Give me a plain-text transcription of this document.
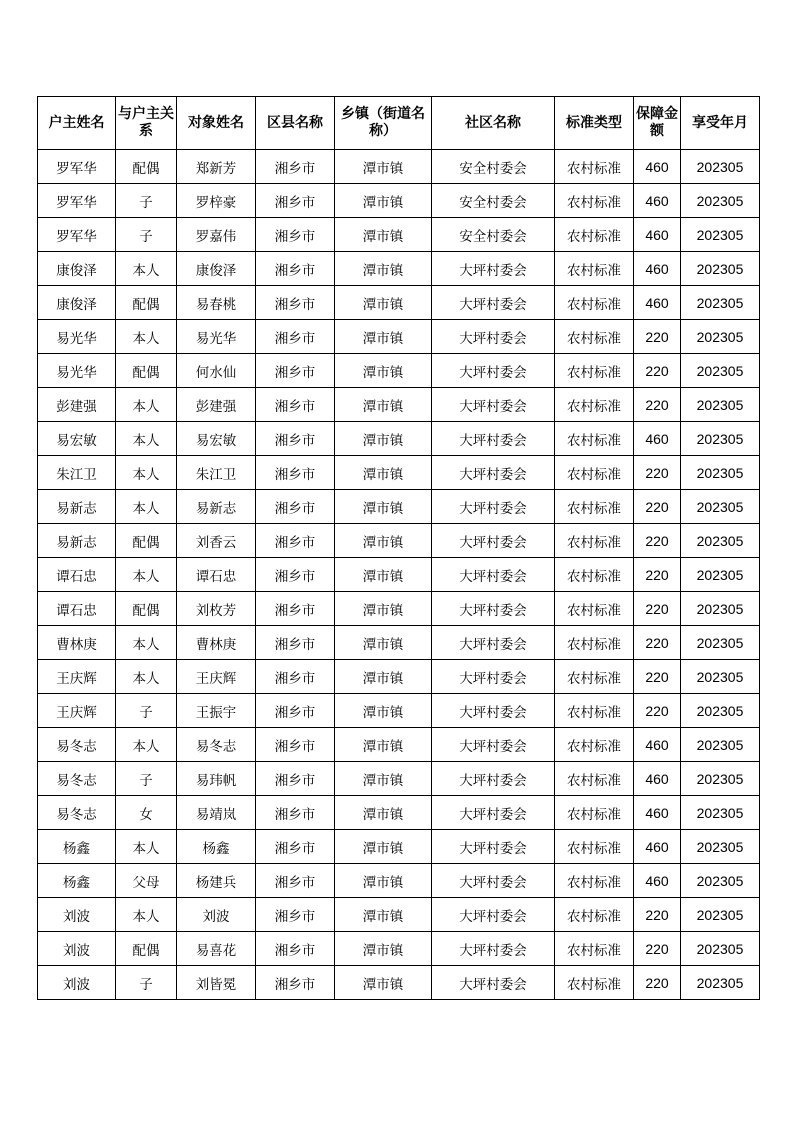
户主姓名	与户主关系	对象姓名	区县名称	乡镇（街道名称）	社区名称	标准类型	保障金额	享受年月
罗军华	配偶	郑新芳	湘乡市	潭市镇	安全村委会	农村标准	460	202305
罗军华	子	罗梓豪	湘乡市	潭市镇	安全村委会	农村标准	460	202305
罗军华	子	罗嘉伟	湘乡市	潭市镇	安全村委会	农村标准	460	202305
康俊泽	本人	康俊泽	湘乡市	潭市镇	大坪村委会	农村标准	460	202305
康俊泽	配偶	易春桃	湘乡市	潭市镇	大坪村委会	农村标准	460	202305
易光华	本人	易光华	湘乡市	潭市镇	大坪村委会	农村标准	220	202305
易光华	配偶	何水仙	湘乡市	潭市镇	大坪村委会	农村标准	220	202305
彭建强	本人	彭建强	湘乡市	潭市镇	大坪村委会	农村标准	220	202305
易宏敏	本人	易宏敏	湘乡市	潭市镇	大坪村委会	农村标准	460	202305
朱江卫	本人	朱江卫	湘乡市	潭市镇	大坪村委会	农村标准	220	202305
易新志	本人	易新志	湘乡市	潭市镇	大坪村委会	农村标准	220	202305
易新志	配偶	刘香云	湘乡市	潭市镇	大坪村委会	农村标准	220	202305
谭石忠	本人	谭石忠	湘乡市	潭市镇	大坪村委会	农村标准	220	202305
谭石忠	配偶	刘枚芳	湘乡市	潭市镇	大坪村委会	农村标准	220	202305
曹林庚	本人	曹林庚	湘乡市	潭市镇	大坪村委会	农村标准	220	202305
王庆辉	本人	王庆辉	湘乡市	潭市镇	大坪村委会	农村标准	220	202305
王庆辉	子	王振宇	湘乡市	潭市镇	大坪村委会	农村标准	220	202305
易冬志	本人	易冬志	湘乡市	潭市镇	大坪村委会	农村标准	460	202305
易冬志	子	易玮帆	湘乡市	潭市镇	大坪村委会	农村标准	460	202305
易冬志	女	易靖岚	湘乡市	潭市镇	大坪村委会	农村标准	460	202305
杨鑫	本人	杨鑫	湘乡市	潭市镇	大坪村委会	农村标准	460	202305
杨鑫	父母	杨建兵	湘乡市	潭市镇	大坪村委会	农村标准	460	202305
刘波	本人	刘波	湘乡市	潭市镇	大坪村委会	农村标准	220	202305
刘波	配偶	易喜花	湘乡市	潭市镇	大坪村委会	农村标准	220	202305
刘波	子	刘皆冕	湘乡市	潭市镇	大坪村委会	农村标准	220	202305
